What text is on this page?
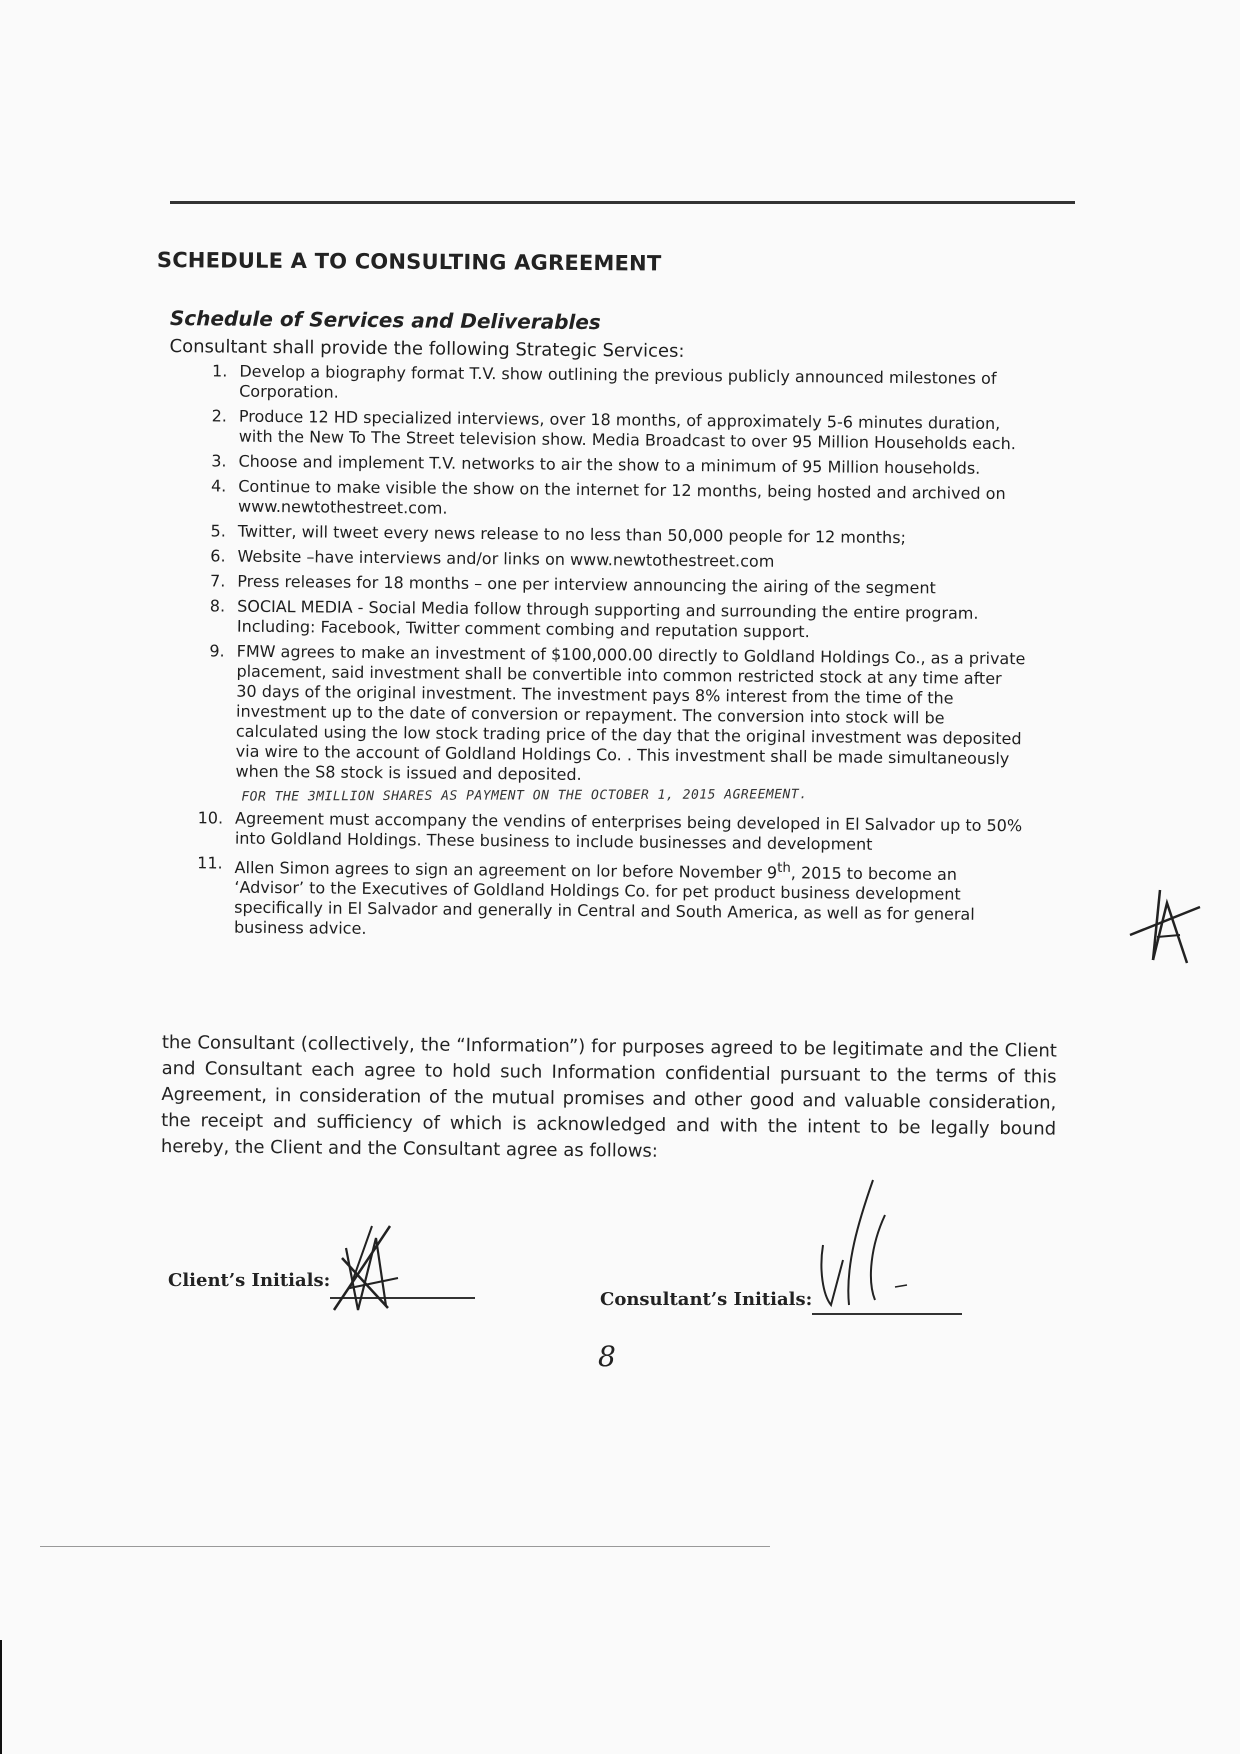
SCHEDULE A TO CONSULTING AGREEMENT
Schedule of Services and Deliverables
Consultant shall provide the following Strategic Services:
1. Develop a biography format T.V. show outlining the previous publicly announced milestones of Corporation.
2. Produce 12 HD specialized interviews, over 18 months, of approximately 5-6 minutes duration, with the New To The Street television show. Media Broadcast to over 95 Million Households each.
3. Choose and implement T.V. networks to air the show to a minimum of 95 Million households.
4. Continue to make visible the show on the internet for 12 months, being hosted and archived on www.newtothestreet.com.
5. Twitter, will tweet every news release to no less than 50,000 people for 12 months;
6. Website –have interviews and/or links on www.newtothestreet.com
7. Press releases for 18 months – one per interview announcing the airing of the segment
8. SOCIAL MEDIA - Social Media follow through supporting and surrounding the entire program. Including: Facebook, Twitter comment combing and reputation support.
9. FMW agrees to make an investment of $100,000.00 directly to Goldland Holdings Co., as a private placement, said investment shall be convertible into common restricted stock at any time after 30 days of the original investment. The investment pays 8% interest from the time of the investment up to the date of conversion or repayment. The conversion into stock will be calculated using the low stock trading price of the day that the original investment was deposited via wire to the account of Goldland Holdings Co. . This investment shall be made simultaneously when the S8 stock is issued and deposited. FOR THE 3MILLION SHARES AS PAYMENT ON THE OCTOBER 1, 2015 AGREEMENT.
10. Agreement must accompany the vendins of enterprises being developed in El Salvador up to 50% into Goldland Holdings. These business to include businesses and development
11. Allen Simon agrees to sign an agreement on lor before November 9th, 2015 to become an ‘Advisor’ to the Executives of Goldland Holdings Co. for pet product business development specifically in El Salvador and generally in Central and South America, as well as for general business advice.
the Consultant (collectively, the “Information”) for purposes agreed to be legitimate and the Client and Consultant each agree to hold such Information confidential pursuant to the terms of this Agreement, in consideration of the mutual promises and other good and valuable consideration, the receipt and sufficiency of which is acknowledged and with the intent to be legally bound hereby, the Client and the Consultant agree as follows:
Client’s Initials:
Consultant’s Initials:
8
